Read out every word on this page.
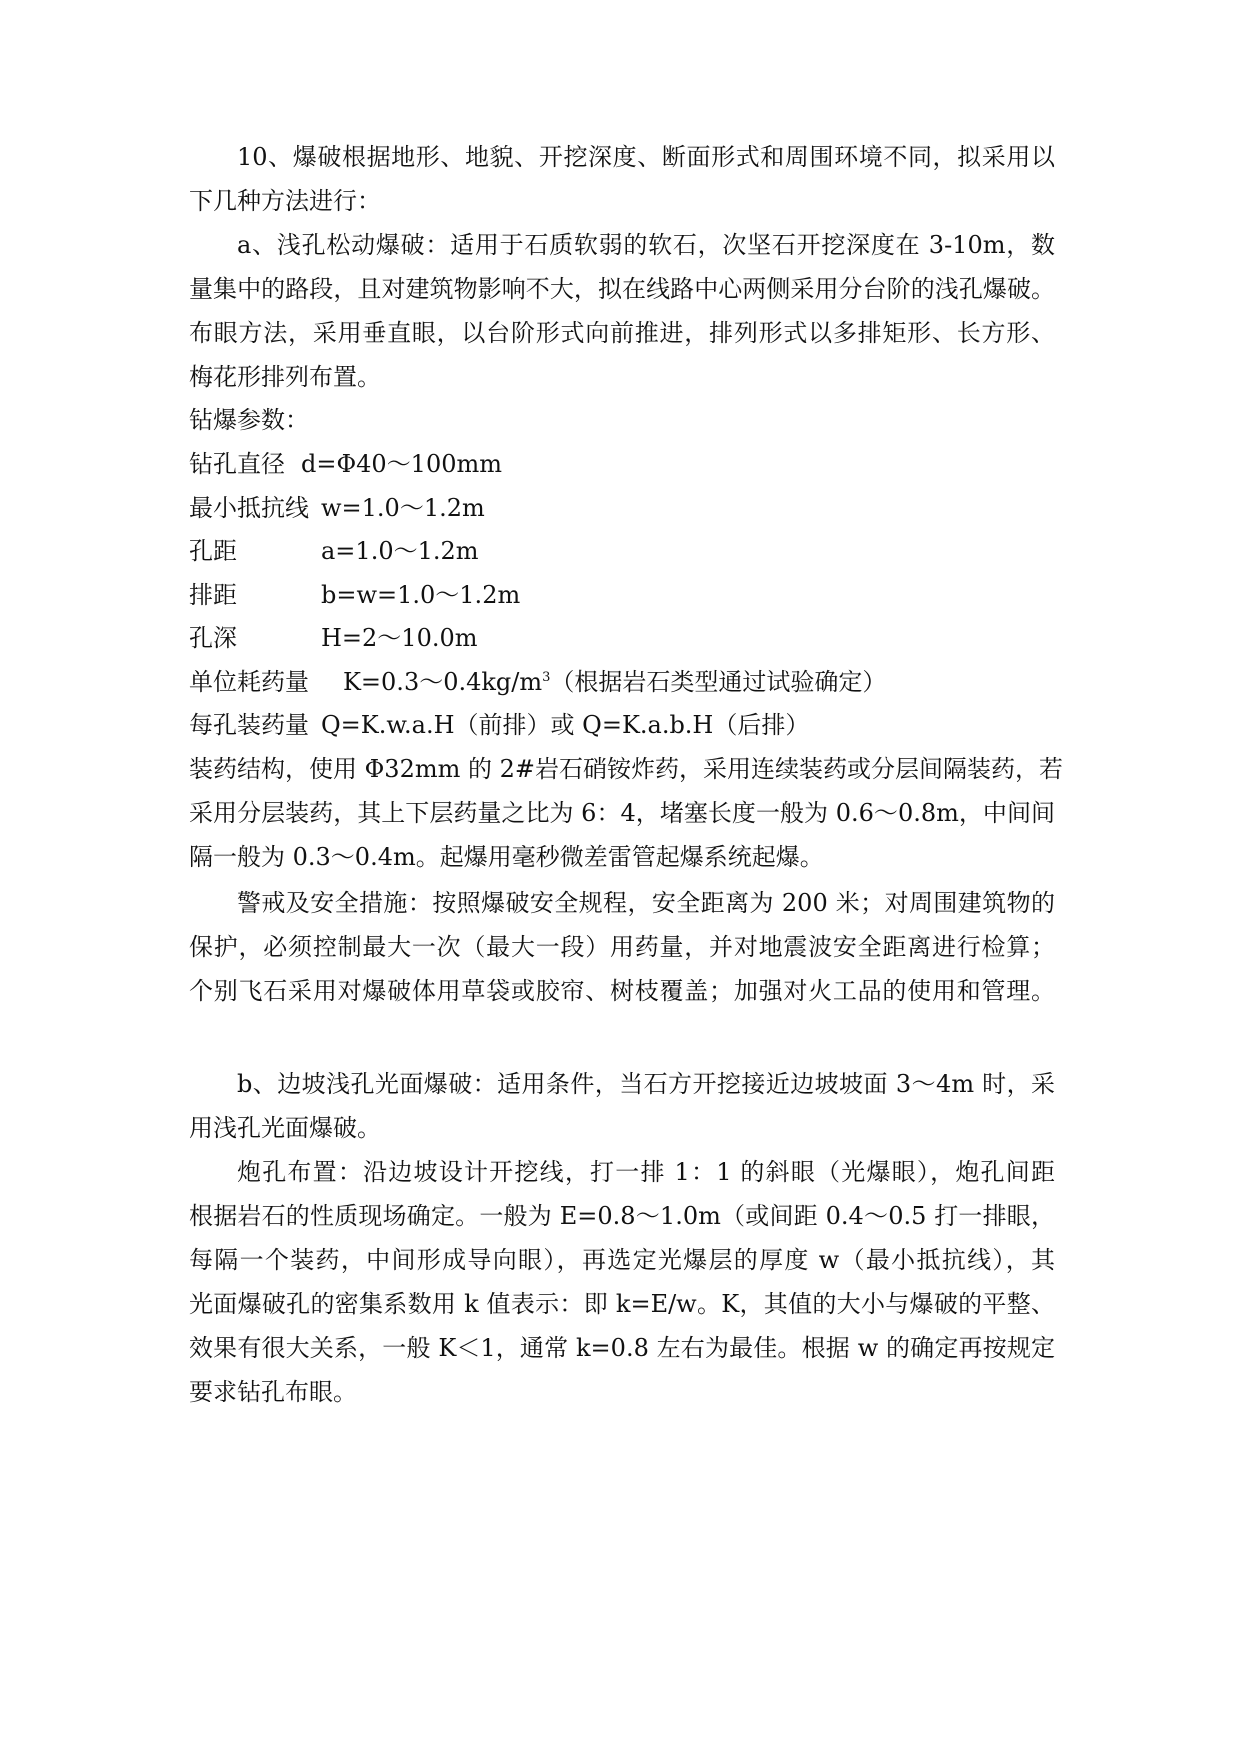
10、爆破根据地形、地貌、开挖深度、断面形式和周围环境不同，拟采用以
下几种方法进行：
a、浅孔松动爆破：适用于石质软弱的软石，次坚石开挖深度在 3-10m，数
量集中的路段，且对建筑物影响不大，拟在线路中心两侧采用分台阶的浅孔爆破。
布眼方法，采用垂直眼，以台阶形式向前推进，排列形式以多排矩形、长方形、
梅花形排列布置。
钻爆参数：
钻孔直径 d=Φ40～100mm
最小抵抗线 w=1.0～1.2m
孔距	a=1.0～1.2m
排距	b=w=1.0～1.2m
孔深	H=2～10.0m
单位耗药量 $K=0.3\sim 0.4kg/m^3$（根据岩石类型通过试验确定）
每孔装药量 Q=K.w.a.H（前排）或 Q=K.a.b.H（后排）
装药结构，使用 Φ32mm 的 2#岩石硝铵炸药，采用连续装药或分层间隔装药，若
采用分层装药，其上下层药量之比为 6：4，堵塞长度一般为 0.6～0.8m，中间间
隔一般为 0.3～0.4m。起爆用毫秒微差雷管起爆系统起爆。
警戒及安全措施：按照爆破安全规程，安全距离为 200 米；对周围建筑物的
保护，必须控制最大一次（最大一段）用药量，并对地震波安全距离进行检算；
个别飞石采用对爆破体用草袋或胶帘、树枝覆盖；加强对火工品的使用和管理。
b、边坡浅孔光面爆破：适用条件，当石方开挖接近边坡坡面 3～4m 时，采
用浅孔光面爆破。
炮孔布置：沿边坡设计开挖线，打一排 1：1 的斜眼（光爆眼），炮孔间距
根据岩石的性质现场确定。一般为 E=0.8～1.0m（或间距 0.4～0.5 打一排眼，
每隔一个装药，中间形成导向眼），再选定光爆层的厚度 w（最小抵抗线），其
光面爆破孔的密集系数用 k 值表示：即 k=E/w。K，其值的大小与爆破的平整、
效果有很大关系，一般 K＜1，通常 k=0.8 左右为最佳。根据 w 的确定再按规定
要求钻孔布眼。
